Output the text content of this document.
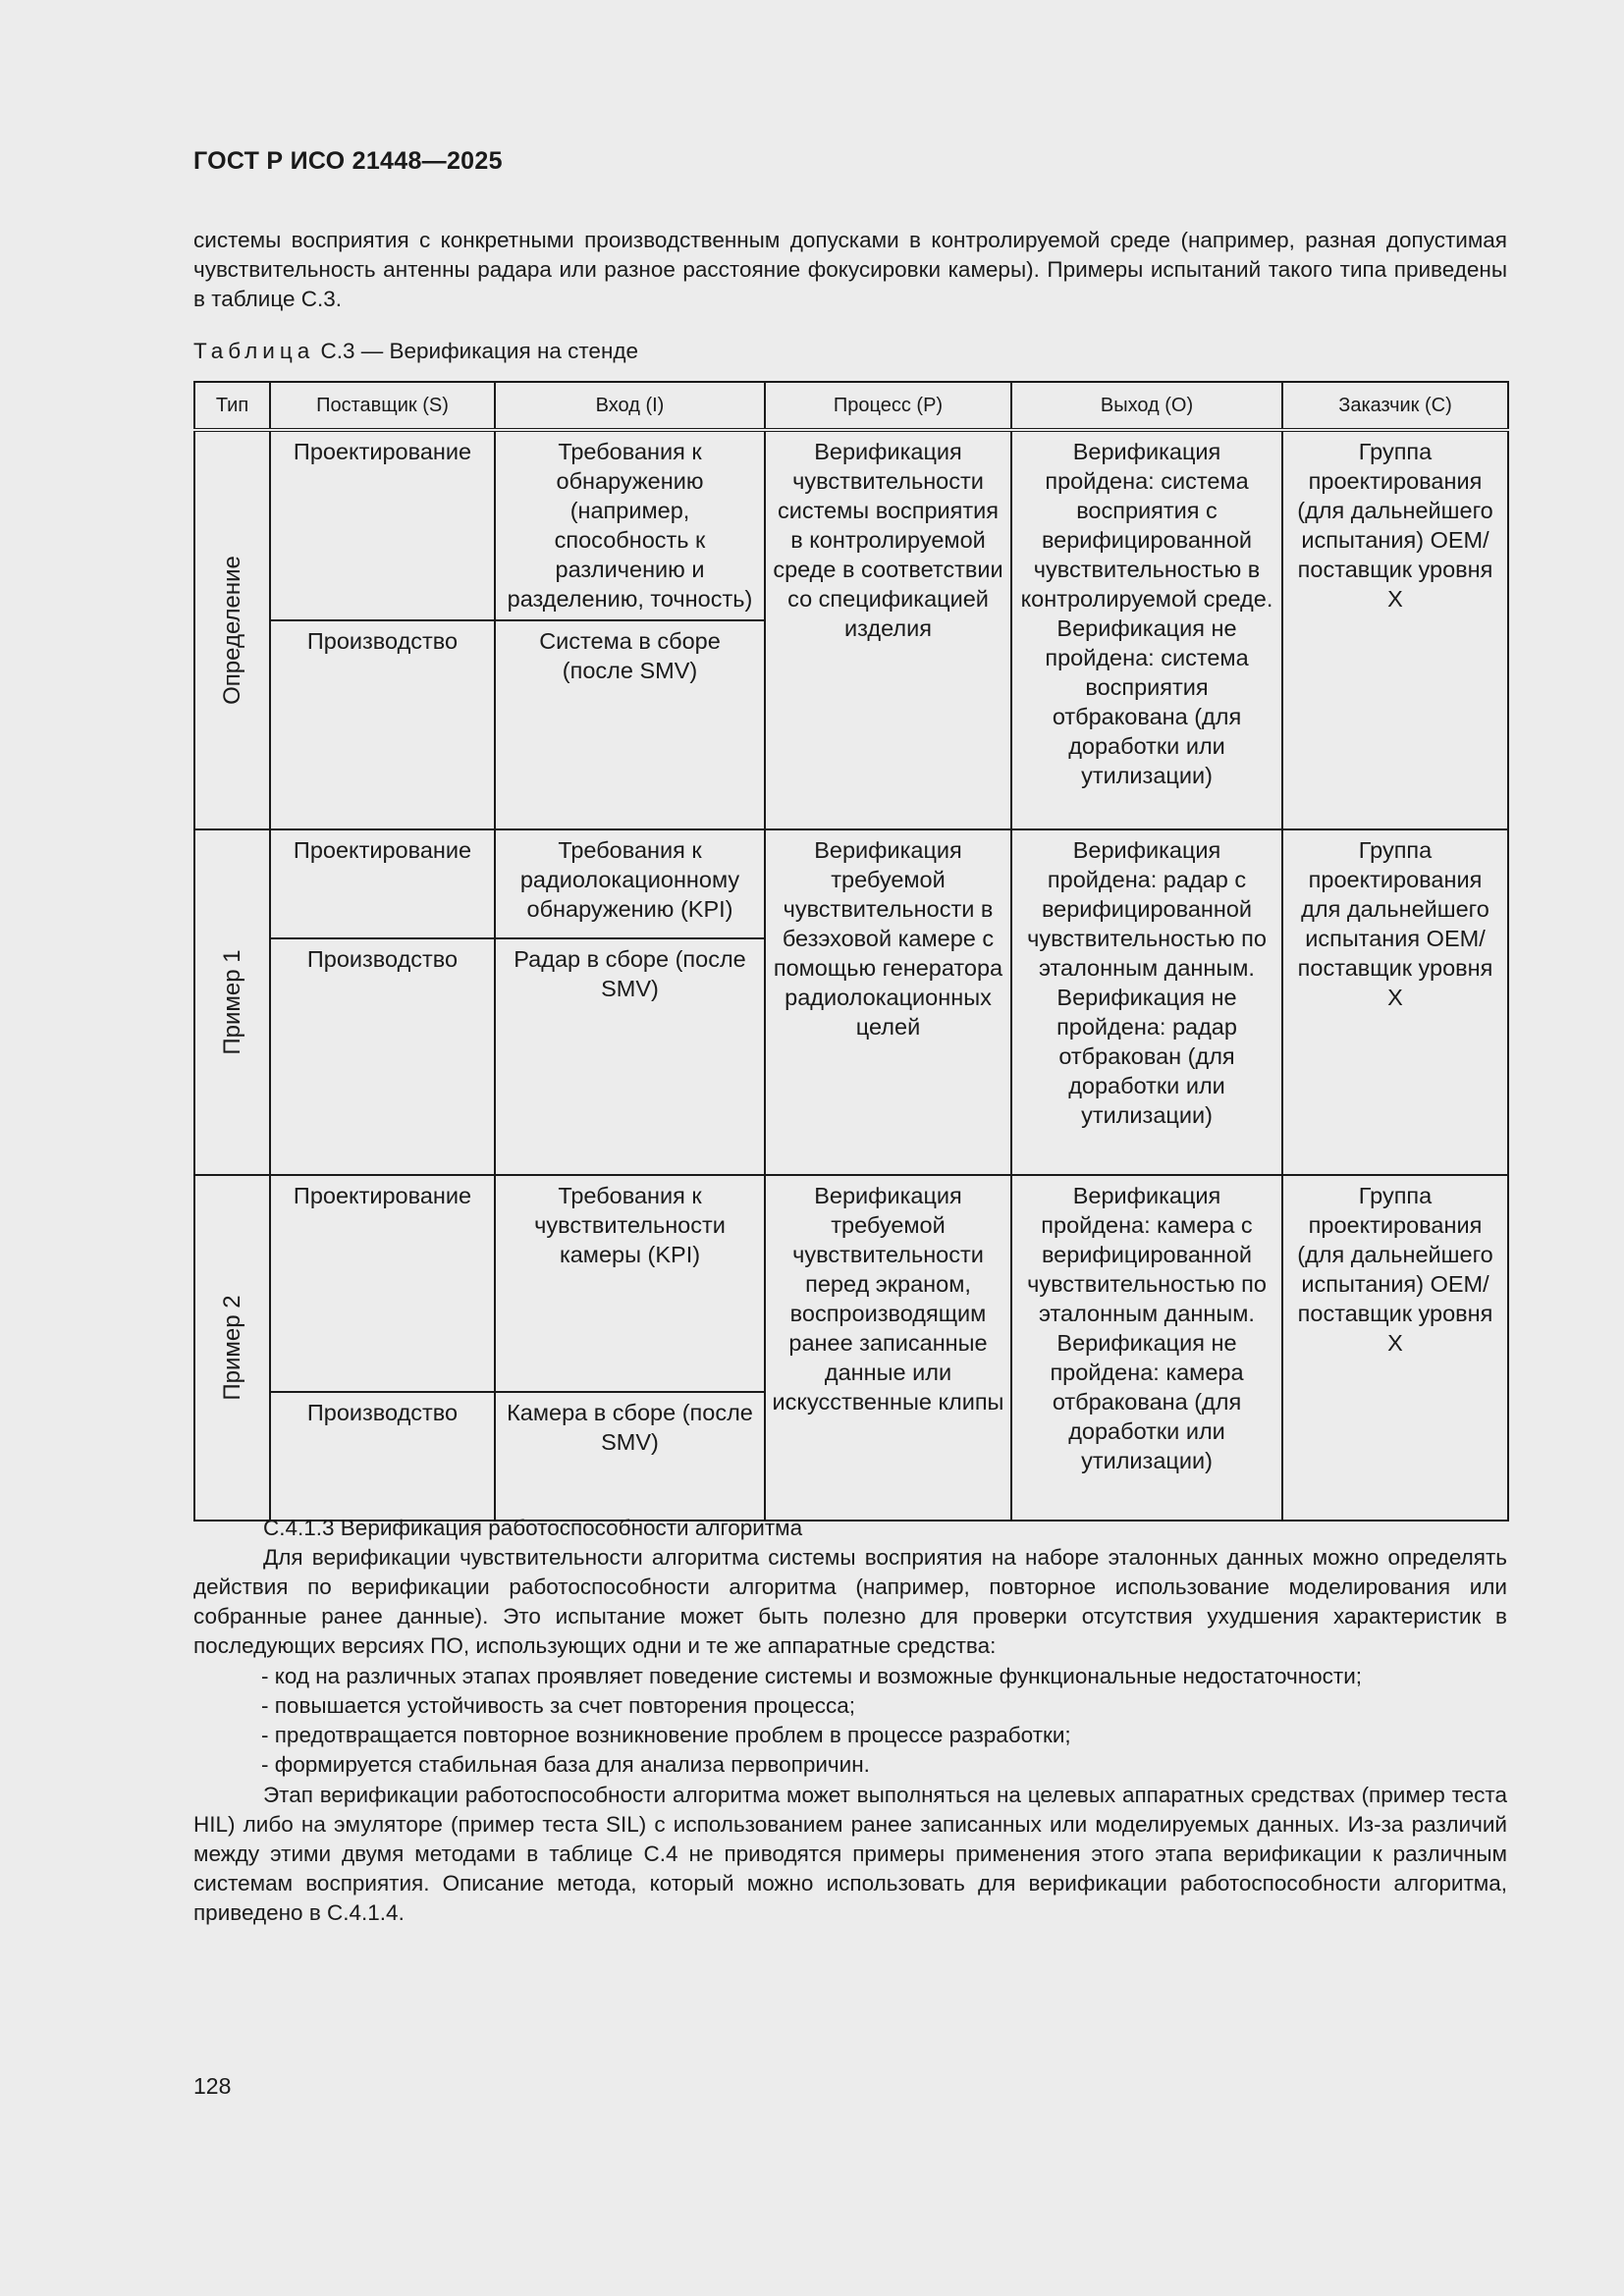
ГОСТ Р ИСО 21448—2025
системы восприятия с конкретными производственным допусками в контролируемой среде (например, разная допустимая чувствительность антенны радара или разное расстояние фокусировки камеры). Примеры испытаний такого типа приведены в таблице С.3.
Таблица С.3 — Верификация на стенде
Тип	Поставщик (S)	Вход (I)	Процесс (P)	Выход (O)	Заказчик (C)

Определение	Проектирование	Требования к обнаружению (например, способность к различению и разделению, точность)	Верификация чувствительности системы восприятия в контролируемой среде в соответствии со спецификацией изделия	Верификация пройдена: система восприятия с верифицированной чувствительностью в контролируемой среде. Верификация не пройдена: система восприятия отбракована (для доработки или утилизации)	Группа проектирования (для дальнейшего испытания) OEM/ поставщик уровня X
	Производство	Система в сборе (после SMV)			

Пример 1	Проектирование	Требования к радиолокационному обнаружению (KPI)	Верификация требуемой чувствительности в безэховой камере с помощью генератора радиолокационных целей	Верификация пройдена: радар с верифицированной чувствительностью по эталонным данным. Верификация не пройдена: радар отбракован (для доработки или утилизации)	Группа проектирования для дальнейшего испытания OEM/ поставщик уровня X
	Производство	Радар в сборе (после SMV)			

Пример 2	Проектирование	Требования к чувствительности камеры (KPI)	Верификация требуемой чувствительности перед экраном, воспроизводящим ранее записанные данные или искусственные клипы	Верификация пройдена: камера с верифицированной чувствительностью по эталонным данным. Верификация не пройдена: камера отбракована (для доработки или утилизации)	Группа проектирования (для дальнейшего испытания) OEM/ поставщик уровня X
	Производство	Камера в сборе (после SMV)			
С.4.1.3 Верификация работоспособности алгоритма
Для верификации чувствительности алгоритма системы восприятия на наборе эталонных данных можно определять действия по верификации работоспособности алгоритма (например, повторное использование моделирования или собранные ранее данные). Это испытание может быть полезно для проверки отсутствия ухудшения характеристик в последующих версиях ПО, использующих одни и те же аппаратные средства:
- код на различных этапах проявляет поведение системы и возможные функциональные недостаточности;
- повышается устойчивость за счет повторения процесса;
- предотвращается повторное возникновение проблем в процессе разработки;
- формируется стабильная база для анализа первопричин.
Этап верификации работоспособности алгоритма может выполняться на целевых аппаратных средствах (пример теста HIL) либо на эмуляторе (пример теста SIL) с использованием ранее записанных или моделируемых данных. Из-за различий между этими двумя методами в таблице С.4 не приводятся примеры применения этого этапа верификации к различным системам восприятия. Описание метода, который можно использовать для верификации работоспособности алгоритма, приведено в С.4.1.4.
128
